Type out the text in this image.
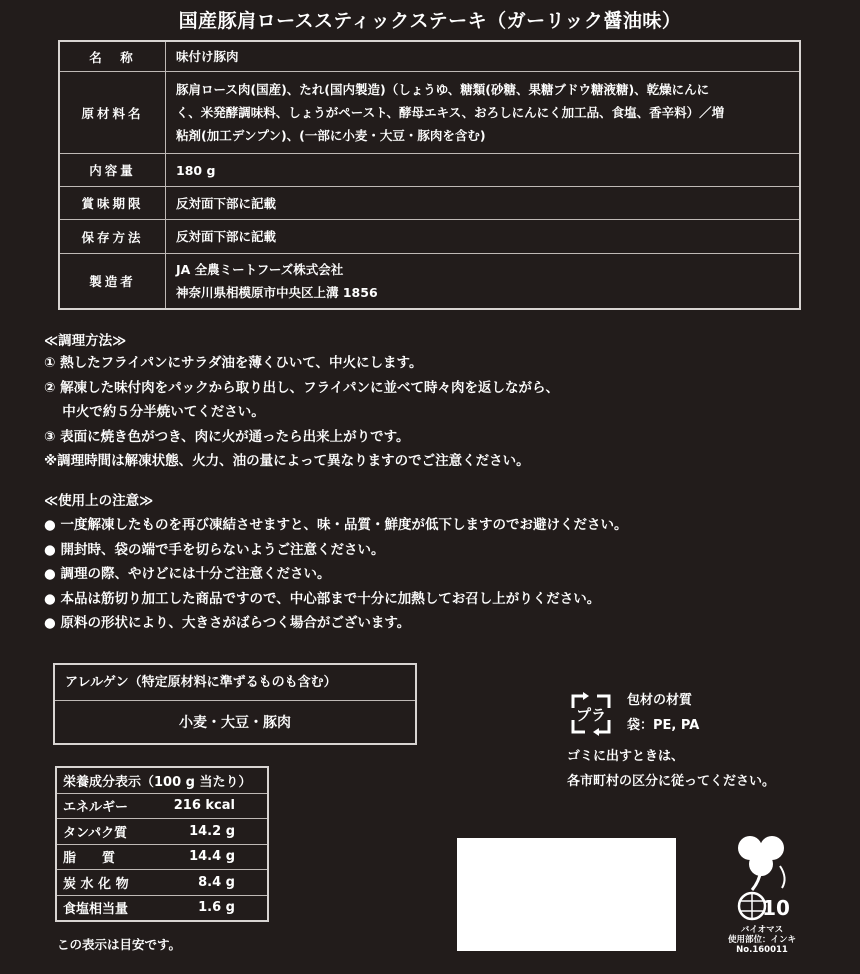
国産豚肩ローススティックステーキ（ガーリック醤油味）
名　称	味付け豚肉
原材料名	豚肩ロース肉(国産)、たれ(国内製造)（しょうゆ、糖類(砂糖、果糖ブドウ糖液糖)、乾燥にんに
く、米発酵調味料、しょうがペースト、酵母エキス、おろしにんにく加工品、食塩、香辛料）／増
粘剤(加工デンプン)、(一部に小麦・大豆・豚肉を含む)

内容量	180 g
賞味期限	反対面下部に記載
保存方法	反対面下部に記載
製造者	JA 全農ミートフーズ株式会社
神奈川県相模原市中央区上溝 1856
≪調理方法≫
① 熱したフライパンにサラダ油を薄くひいて、中火にします。
② 解凍した味付肉をパックから取り出し、フライパンに並べて時々肉を返しながら、
　 中火で約５分半焼いてください。
③ 表面に焼き色がつき、肉に火が通ったら出来上がりです。
※調理時間は解凍状態、火力、油の量によって異なりますのでご注意ください。
≪使用上の注意≫
● 一度解凍したものを再び凍結させますと、味・品質・鮮度が低下しますのでお避けください。
● 開封時、袋の端で手を切らないようご注意ください。
● 調理の際、やけどには十分ご注意ください。
● 本品は筋切り加工した商品ですので、中心部まで十分に加熱してお召し上がりください。
● 原料の形状により、大きさがばらつく場合がございます。
アレルゲン（特定原材料に準ずるものも含む）
小麦・大豆・豚肉
栄養成分表示（100 g 当たり）	
エネルギー	216 kcal
タンパク質	14.2 g
脂　　質	14.4 g
炭 水 化 物	8.4 g
食塩相当量	1.6 g
この表示は目安です。
プラ
包材の材質
袋：PE, PA
ゴミに出すときは、
各市町村の区分に従ってください。
10
バイオマス
使用部位：インキ
No.160011
